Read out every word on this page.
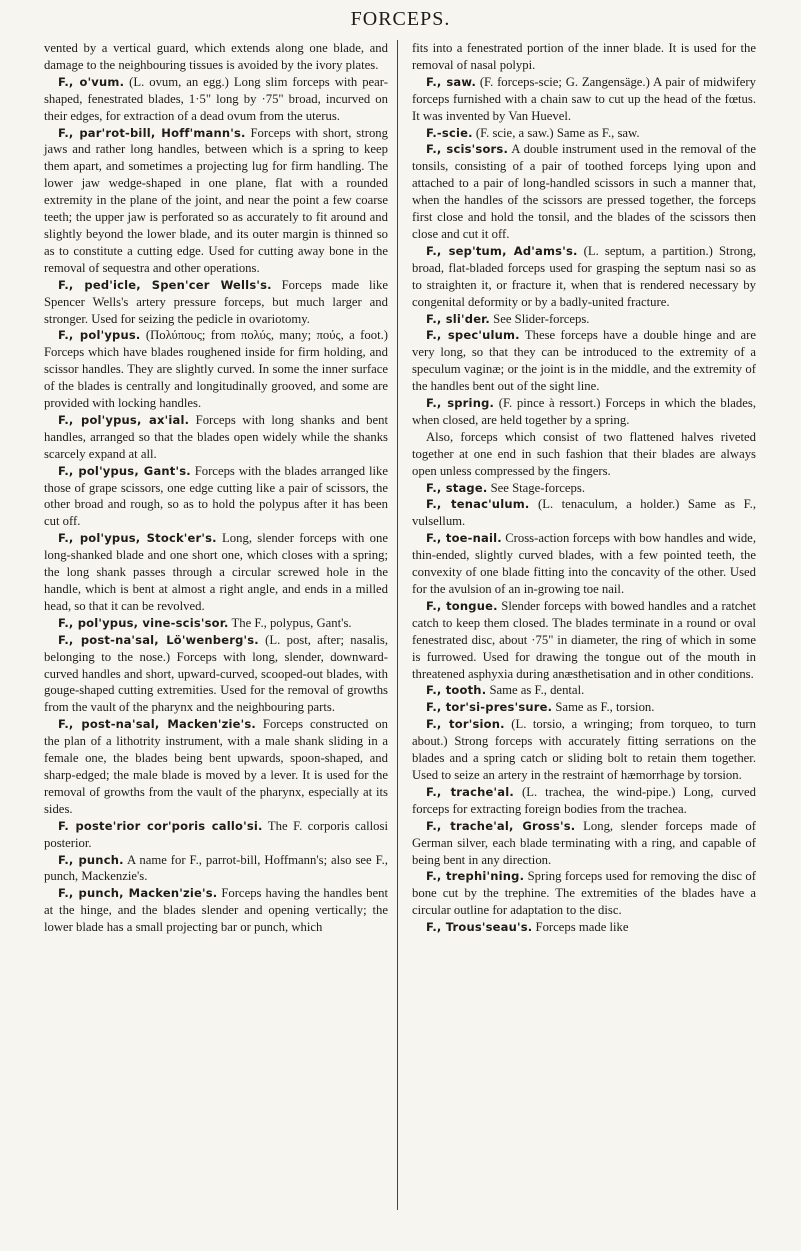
FORCEPS.

vented by a vertical guard, which extends along one blade, and damage to the neighbouring tissues is avoided by the ivory plates.

F., o'vum. (L. ovum, an egg.) Long slim forceps with pear-shaped, fenestrated blades, 1·5" long by ·75" broad, incurved on their edges, for extraction of a dead ovum from the uterus.

F., par'rot-bill, Hoff'mann's. Forceps with short, strong jaws and rather long handles, between which is a spring to keep them apart, and sometimes a projecting lug for firm handling. The lower jaw wedge-shaped in one plane, flat with a rounded extremity in the plane of the joint, and near the point a few coarse teeth; the upper jaw is perforated so as accurately to fit around and slightly beyond the lower blade, and its outer margin is thinned so as to constitute a cutting edge. Used for cutting away bone in the removal of sequestra and other operations.

F., ped'icle, Spen'cer Wells's. Forceps made like Spencer Wells's artery pressure forceps, but much larger and stronger. Used for seizing the pedicle in ovariotomy.

F., pol'ypus. (Πολύπους; from πολύς, many; πούς, a foot.) Forceps which have blades roughened inside for firm holding, and scissor handles. They are slightly curved. In some the inner surface of the blades is centrally and longitudinally grooved, and some are provided with locking handles.

F., pol'ypus, ax'ial. Forceps with long shanks and bent handles, arranged so that the blades open widely while the shanks scarcely expand at all.

F., pol'ypus, Gant's. Forceps with the blades arranged like those of grape scissors, one edge cutting like a pair of scissors, the other broad and rough, so as to hold the polypus after it has been cut off.

F., pol'ypus, Stock'er's. Long, slender forceps with one long-shanked blade and one short one, which closes with a spring; the long shank passes through a circular screwed hole in the handle, which is bent at almost a right angle, and ends in a milled head, so that it can be revolved.

F., pol'ypus, vine-scis'sor. The F., polypus, Gant's.

F., post-na'sal, Lö'wenberg's. (L. post, after; nasalis, belonging to the nose.) Forceps with long, slender, downward-curved handles and short, upward-curved, scooped-out blades, with gouge-shaped cutting extremities. Used for the removal of growths from the vault of the pharynx and the neighbouring parts.

F., post-na'sal, Macken'zie's. Forceps constructed on the plan of a lithotrity instrument, with a male shank sliding in a female one, the blades being bent upwards, spoon-shaped, and sharp-edged; the male blade is moved by a lever. It is used for the removal of growths from the vault of the pharynx, especially at its sides.

F. poste'rior cor'poris callo'si. The F. corporis callosi posterior.

F., punch. A name for F., parrot-bill, Hoffmann's; also see F., punch, Mackenzie's.

F., punch, Macken'zie's. Forceps having the handles bent at the hinge, and the blades slender and opening vertically; the lower blade has a small projecting bar or punch, which

fits into a fenestrated portion of the inner blade. It is used for the removal of nasal polypi.

F., saw. (F. forceps-scie; G. Zangensäge.) A pair of midwifery forceps furnished with a chain saw to cut up the head of the fœtus. It was invented by Van Huevel.

F.-scie. (F. scie, a saw.) Same as F., saw.

F., scis'sors. A double instrument used in the removal of the tonsils, consisting of a pair of toothed forceps lying upon and attached to a pair of long-handled scissors in such a manner that, when the handles of the scissors are pressed together, the forceps first close and hold the tonsil, and the blades of the scissors then close and cut it off.

F., sep'tum, Ad'ams's. (L. septum, a partition.) Strong, broad, flat-bladed forceps used for grasping the septum nasi so as to straighten it, or fracture it, when that is rendered necessary by congenital deformity or by a badly-united fracture.

F., sli'der. See Slider-forceps.

F., spec'ulum. These forceps have a double hinge and are very long, so that they can be introduced to the extremity of a speculum vaginæ; or the joint is in the middle, and the extremity of the handles bent out of the sight line.

F., spring. (F. pince à ressort.) Forceps in which the blades, when closed, are held together by a spring.

Also, forceps which consist of two flattened halves riveted together at one end in such fashion that their blades are always open unless compressed by the fingers.

F., stage. See Stage-forceps.

F., tenac'ulum. (L. tenaculum, a holder.) Same as F., vulsellum.

F., toe-nail. Cross-action forceps with bow handles and wide, thin-ended, slightly curved blades, with a few pointed teeth, the convexity of one blade fitting into the concavity of the other. Used for the avulsion of an in-growing toe nail.

F., tongue. Slender forceps with bowed handles and a ratchet catch to keep them closed. The blades terminate in a round or oval fenestrated disc, about ·75" in diameter, the ring of which in some is furrowed. Used for drawing the tongue out of the mouth in threatened asphyxia during anæsthetisation and in other conditions.

F., tooth. Same as F., dental.

F., tor'si-pres'sure. Same as F., torsion.

F., tor'sion. (L. torsio, a wringing; from torqueo, to turn about.) Strong forceps with accurately fitting serrations on the blades and a spring catch or sliding bolt to retain them together. Used to seize an artery in the restraint of hæmorrhage by torsion.

F., trache'al. (L. trachea, the wind-pipe.) Long, curved forceps for extracting foreign bodies from the trachea.

F., trache'al, Gross's. Long, slender forceps made of German silver, each blade terminating with a ring, and capable of being bent in any direction.

F., trephi'ning. Spring forceps used for removing the disc of bone cut by the trephine. The extremities of the blades have a circular outline for adaptation to the disc.

F., Trous'seau's. Forceps made like
